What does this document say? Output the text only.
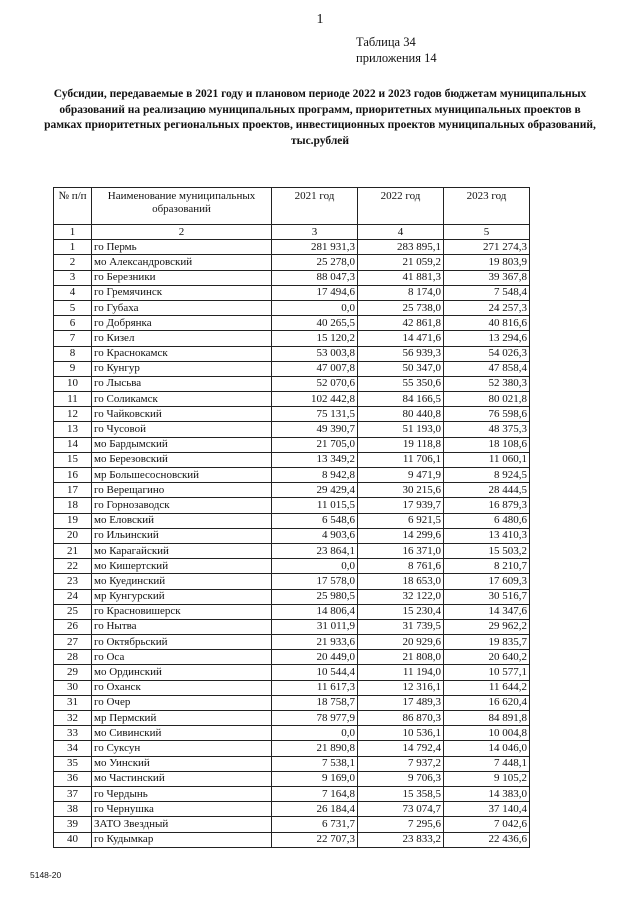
1
Таблица 34
приложения 14
Субсидии, передаваемые в 2021 году и плановом периоде 2022 и 2023 годов бюджетам муниципальных образований на реализацию муниципальных программ, приоритетных муниципальных проектов в рамках приоритетных региональных проектов, инвестиционных проектов муниципальных образований, тыс.рублей
№ п/п	Наименование муниципальных образований	2021 год	2022 год	2023 год
1	2	3	4	5
1	го Пермь	281 931,3	283 895,1	271 274,3
2	мо Александровский	25 278,0	21 059,2	19 803,9
3	го Березники	88 047,3	41 881,3	39 367,8
4	го Гремячинск	17 494,6	8 174,0	7 548,4
5	го Губаха	0,0	25 738,0	24 257,3
6	го Добрянка	40 265,5	42 861,8	40 816,6
7	го Кизел	15 120,2	14 471,6	13 294,6
8	го Краснокамск	53 003,8	56 939,3	54 026,3
9	го Кунгур	47 007,8	50 347,0	47 858,4
10	го Лысьва	52 070,6	55 350,6	52 380,3
11	го Соликамск	102 442,8	84 166,5	80 021,8
12	го Чайковский	75 131,5	80 440,8	76 598,6
13	го Чусовой	49 390,7	51 193,0	48 375,3
14	мо Бардымский	21 705,0	19 118,8	18 108,6
15	мо Березовский	13 349,2	11 706,1	11 060,1
16	мр Большесосновский	8 942,8	9 471,9	8 924,5
17	го Верещагино	29 429,4	30 215,6	28 444,5
18	го Горнозаводск	11 015,5	17 939,7	16 879,3
19	мо Еловский	6 548,6	6 921,5	6 480,6
20	го Ильинский	4 903,6	14 299,6	13 410,3
21	мо Карагайский	23 864,1	16 371,0	15 503,2
22	мо Кишертский	0,0	8 761,6	8 210,7
23	мо Куединский	17 578,0	18 653,0	17 609,3
24	мр Кунгурский	25 980,5	32 122,0	30 516,7
25	го Красновишерск	14 806,4	15 230,4	14 347,6
26	го Нытва	31 011,9	31 739,5	29 962,2
27	го Октябрьский	21 933,6	20 929,6	19 835,7
28	го Оса	20 449,0	21 808,0	20 640,2
29	мо Ординский	10 544,4	11 194,0	10 577,1
30	го Оханск	11 617,3	12 316,1	11 644,2
31	го Очер	18 758,7	17 489,3	16 620,4
32	мр Пермский	78 977,9	86 870,3	84 891,8
33	мо Сивинский	0,0	10 536,1	10 004,8
34	го Суксун	21 890,8	14 792,4	14 046,0
35	мо Уинский	7 538,1	7 937,2	7 448,1
36	мо Частинский	9 169,0	9 706,3	9 105,2
37	го Чердынь	7 164,8	15 358,5	14 383,0
38	го Чернушка	26 184,4	73 074,7	37 140,4
39	ЗАТО Звездный	6 731,7	7 295,6	7 042,6
40	го Кудымкар	22 707,3	23 833,2	22 436,6
5148-20
